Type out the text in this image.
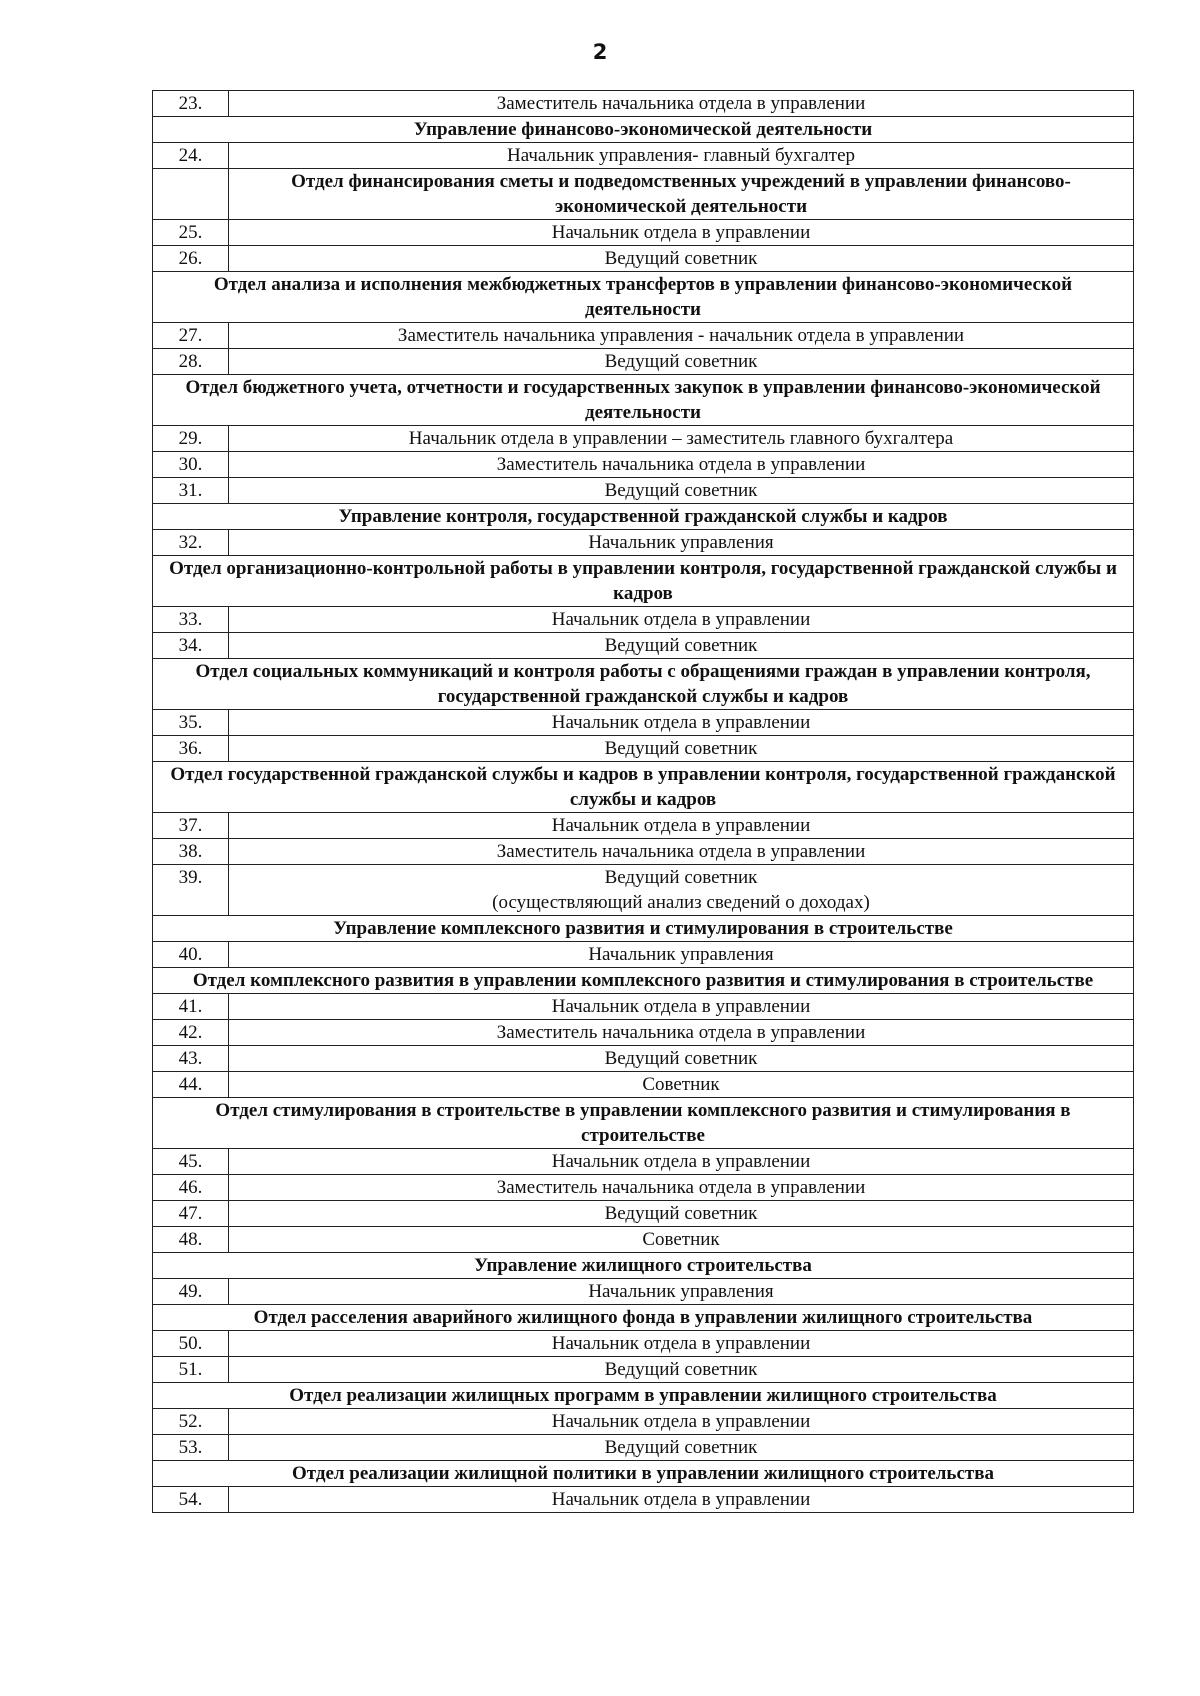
2
23.	Заместитель начальника отдела в управлении

Управление финансово-экономической деятельности	
24.	Начальник управления- главный бухгалтер

	Отдел финансирования сметы и подведомственных учреждений в управлении финансово-экономической деятельности
25.	Начальник отдела в управлении

26.	Ведущий советник

Отдел анализа и исполнения межбюджетных трансфертов в управлении финансово-экономической деятельности	
27.	Заместитель начальника управления - начальник отдела в управлении

28.	Ведущий советник

Отдел бюджетного учета, отчетности и государственных закупок в управлении финансово-экономической деятельности	
29.	Начальник отдела в управлении – заместитель главного бухгалтера

30.	Заместитель начальника отдела в управлении

31.	Ведущий советник

Управление контроля, государственной гражданской службы и кадров	
32.	Начальник управления

Отдел организационно-контрольной работы в управлении контроля, государственной гражданской службы и кадров	
33.	Начальник отдела в управлении

34.	Ведущий советник

Отдел социальных коммуникаций и контроля работы с обращениями граждан в управлении контроля, государственной гражданской службы и кадров	
35.	Начальник отдела в управлении

36.	Ведущий советник

Отдел государственной гражданской службы и кадров в управлении контроля, государственной гражданской службы и кадров	
37.	Начальник отдела в управлении

38.	Заместитель начальника отдела в управлении

39.	Ведущий советник
(осуществляющий анализ сведений о доходах)

Управление комплексного развития и стимулирования в строительстве	
40.	Начальник управления

Отдел комплексного развития в управлении комплексного развития и стимулирования в строительстве	
41.	Начальник отдела в управлении

42.	Заместитель начальника отдела в управлении

43.	Ведущий советник

44.	Советник

Отдел стимулирования в строительстве в управлении комплексного развития и стимулирования в строительстве	
45.	Начальник отдела в управлении

46.	Заместитель начальника отдела в управлении

47.	Ведущий советник

48.	Советник

Управление жилищного строительства	
49.	Начальник управления

Отдел расселения аварийного жилищного фонда в управлении жилищного строительства	
50.	Начальник отдела в управлении

51.	Ведущий советник

Отдел реализации жилищных программ в управлении жилищного строительства	
52.	Начальник отдела в управлении

53.	Ведущий советник

Отдел реализации жилищной политики в управлении жилищного строительства	
54.	Начальник отдела в управлении
